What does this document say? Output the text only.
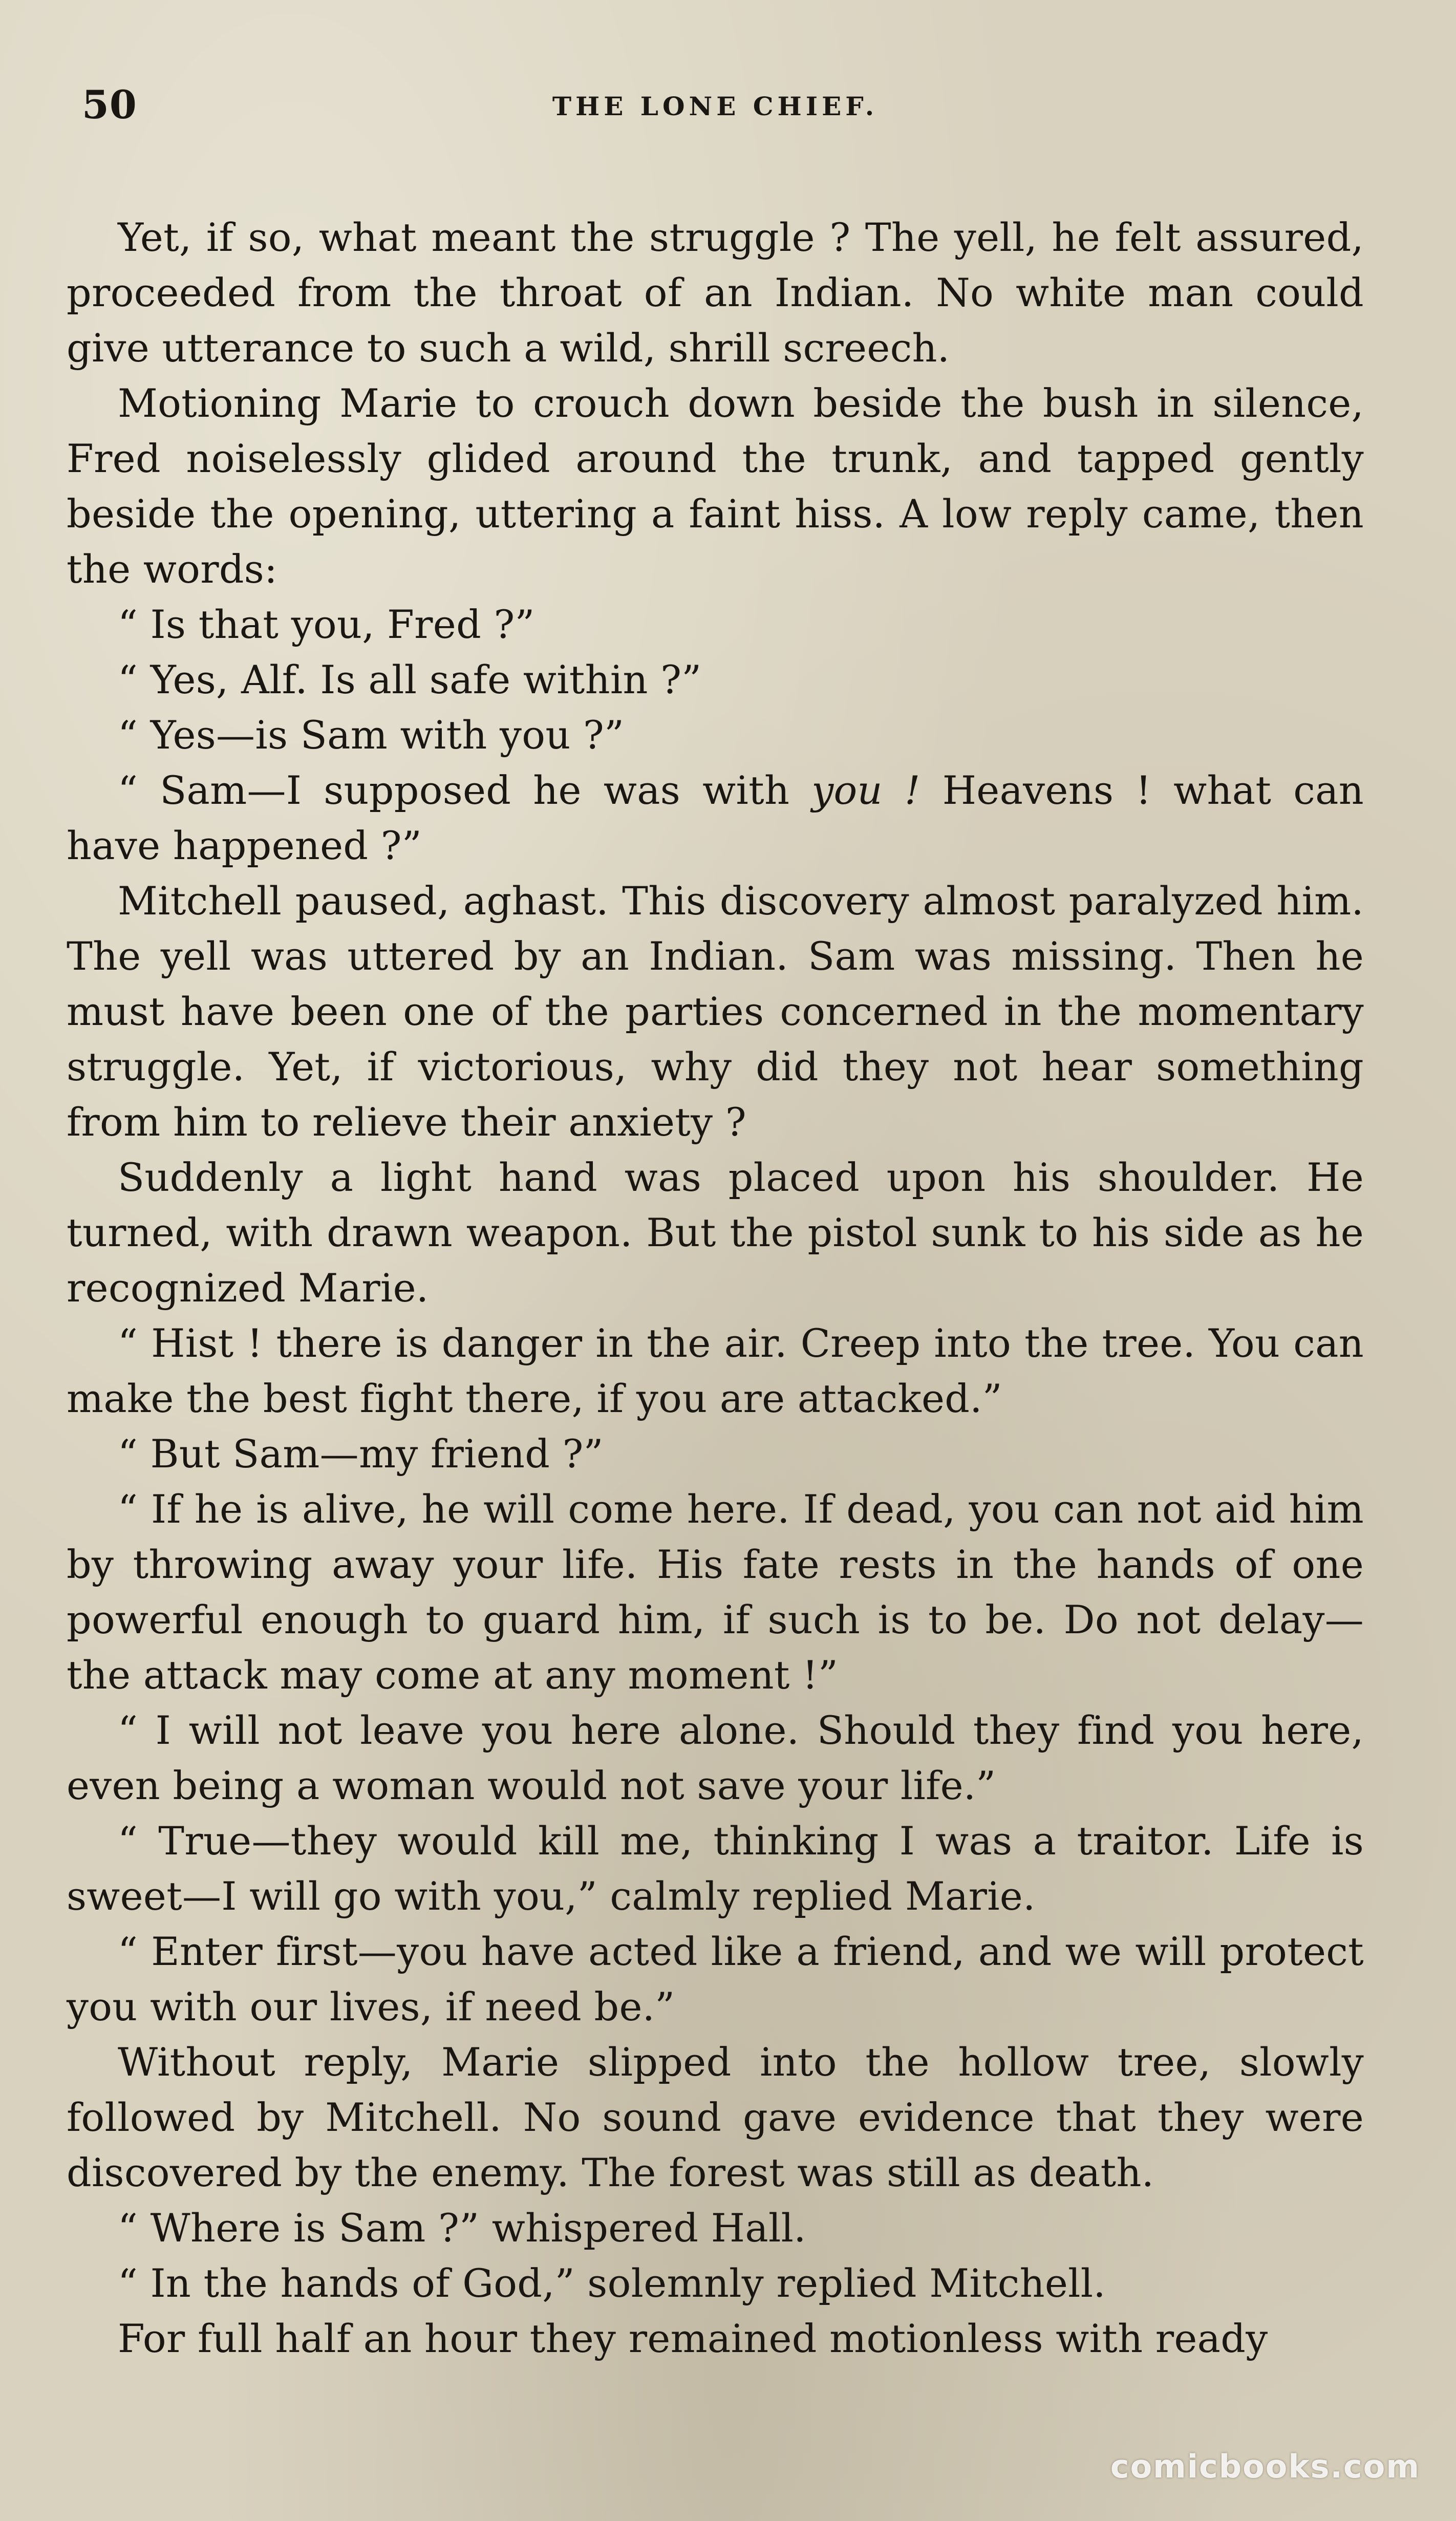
50	THE LONE CHIEF.

Yet, if so, what meant the struggle ? The yell, he felt assured, proceeded from the throat of an Indian. No white man could give utterance to such a wild, shrill screech.

Motioning Marie to crouch down beside the bush in silence, Fred noiselessly glided around the trunk, and tapped gently beside the opening, uttering a faint hiss. A low reply came, then the words:

“ Is that you, Fred ?”

“ Yes, Alf. Is all safe within ?”

“ Yes—is Sam with you ?”

“ Sam—I supposed he was with you ! Heavens ! what can have happened ?”

Mitchell paused, aghast. This discovery almost paralyzed him. The yell was uttered by an Indian. Sam was missing. Then he must have been one of the parties concerned in the momentary struggle. Yet, if victorious, why did they not hear something from him to relieve their anxiety ?

Suddenly a light hand was placed upon his shoulder. He turned, with drawn weapon. But the pistol sunk to his side as he recognized Marie.

“ Hist ! there is danger in the air. Creep into the tree. You can make the best fight there, if you are attacked.”

“ But Sam—my friend ?”

“ If he is alive, he will come here. If dead, you can not aid him by throwing away your life. His fate rests in the hands of one powerful enough to guard him, if such is to be. Do not delay—the attack may come at any moment !”

“ I will not leave you here alone. Should they find you here, even being a woman would not save your life.”

“ True—they would kill me, thinking I was a traitor. Life is sweet—I will go with you,” calmly replied Marie.

“ Enter first—you have acted like a friend, and we will protect you with our lives, if need be.”

Without reply, Marie slipped into the hollow tree, slowly followed by Mitchell. No sound gave evidence that they were discovered by the enemy. The forest was still as death.

“ Where is Sam ?” whispered Hall.

“ In the hands of God,” solemnly replied Mitchell.

For full half an hour they remained motionless with ready

comicbooks.com
